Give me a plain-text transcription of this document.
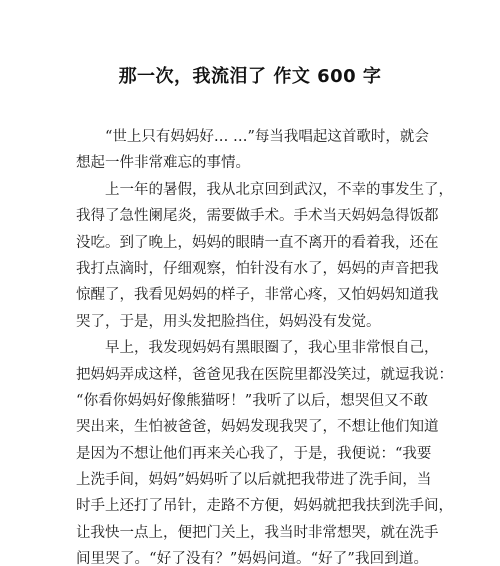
那一次，我流泪了 作文 600 字
“世上只有妈妈好… …”每当我唱起这首歌时，就会
想起一件非常难忘的事情。
上一年的暑假，我从北京回到武汉，不幸的事发生了，
我得了急性阑尾炎，需要做手术。手术当天妈妈急得饭都
没吃。到了晚上，妈妈的眼睛一直不离开的看着我，还在
我打点滴时，仔细观察，怕针没有水了，妈妈的声音把我
惊醒了，我看见妈妈的样子，非常心疼，又怕妈妈知道我
哭了，于是，用头发把脸挡住，妈妈没有发觉。
早上，我发现妈妈有黑眼圈了，我心里非常恨自己，
把妈妈弄成这样，爸爸见我在医院里都没笑过，就逗我说：
“你看你妈妈好像熊猫呀！”我听了以后，想哭但又不敢
哭出来，生怕被爸爸，妈妈发现我哭了，不想让他们知道
是因为不想让他们再来关心我了，于是，我便说：“我要
上洗手间，妈妈”妈妈听了以后就把我带进了洗手间，当
时手上还打了吊针，走路不方便，妈妈就把我扶到洗手间，
让我快一点上，便把门关上，我当时非常想哭，就在洗手
间里哭了。“好了没有？”妈妈问道。“好了”我回到道。
